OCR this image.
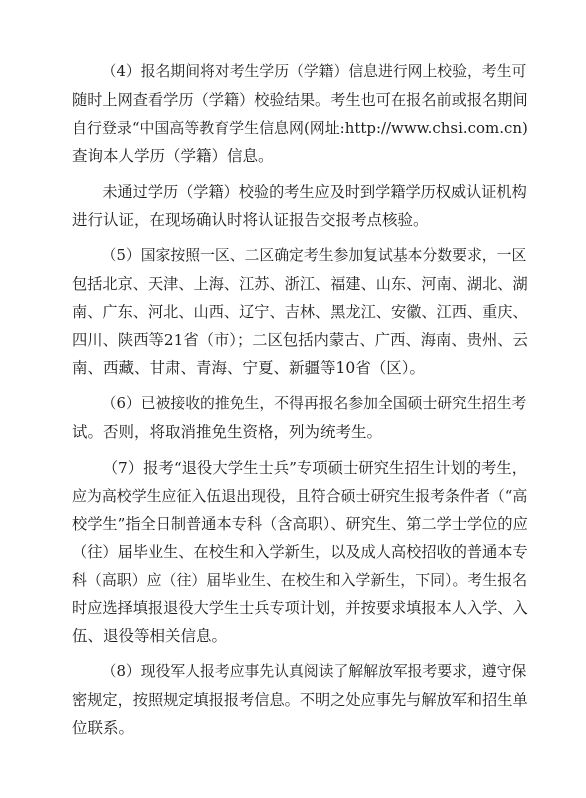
（4）报名期间将对考生学历（学籍）信息进行网上校验，考生可
随时上网查看学历（学籍）校验结果。考生也可在报名前或报名期间
自行登录“中国高等教育学生信息网(网址:http://www.chsi.com.cn)
查询本人学历（学籍）信息。

未通过学历（学籍）校验的考生应及时到学籍学历权威认证机构
进行认证，在现场确认时将认证报告交报考点核验。

（5）国家按照一区、二区确定考生参加复试基本分数要求，一区
包括北京、天津、上海、江苏、浙江、福建、山东、河南、湖北、湖
南、广东、河北、山西、辽宁、吉林、黑龙江、安徽、江西、重庆、
四川、陕西等21省（市）；二区包括内蒙古、广西、海南、贵州、云
南、西藏、甘肃、青海、宁夏、新疆等10省（区）。

（6）已被接收的推免生，不得再报名参加全国硕士研究生招生考
试。否则，将取消推免生资格，列为统考生。

（7）报考“退役大学生士兵”专项硕士研究生招生计划的考生，
应为高校学生应征入伍退出现役，且符合硕士研究生报考条件者（“高
校学生”指全日制普通本专科（含高职）、研究生、第二学士学位的应
（往）届毕业生、在校生和入学新生，以及成人高校招收的普通本专
科（高职）应（往）届毕业生、在校生和入学新生，下同）。考生报名
时应选择填报退役大学生士兵专项计划，并按要求填报本人入学、入
伍、退役等相关信息。

（8）现役军人报考应事先认真阅读了解解放军报考要求，遵守保
密规定，按照规定填报报考信息。不明之处应事先与解放军和招生单
位联系。
